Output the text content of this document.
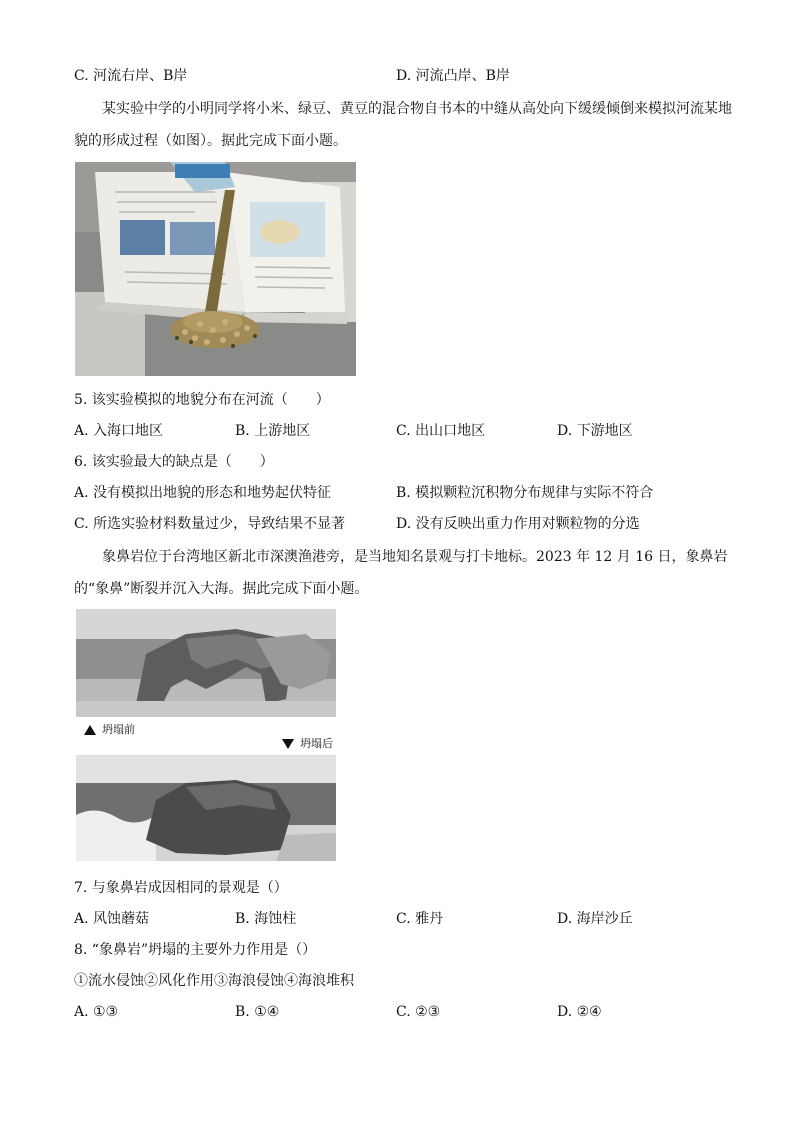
C. 河流右岸、B岸	D. 河流凸岸、B岸
某实验中学的小明同学将小米、绿豆、黄豆的混合物自书本的中缝从高处向下缓缓倾倒来模拟河流某地貌的形成过程（如图）。据此完成下面小题。
5. 该实验模拟的地貌分布在河流（　　）
A. 入海口地区	B. 上游地区	C. 出山口地区	D. 下游地区
6. 该实验最大的缺点是（　　）
A. 没有模拟出地貌的形态和地势起伏特征	B. 模拟颗粒沉积物分布规律与实际不符合
C. 所选实验材料数量过少，导致结果不显著	D. 没有反映出重力作用对颗粒物的分选
象鼻岩位于台湾地区新北市深澳渔港旁，是当地知名景观与打卡地标。2023 年 12 月 16 日，象鼻岩的“象鼻”断裂并沉入大海。据此完成下面小题。
坍塌前
坍塌后
7. 与象鼻岩成因相同的景观是（）
A. 风蚀蘑菇	B. 海蚀柱	C. 雅丹	D. 海岸沙丘
8. “象鼻岩”坍塌的主要外力作用是（）
①流水侵蚀②风化作用③海浪侵蚀④海浪堆积
A. ①③	B. ①④	C. ②③	D. ②④
